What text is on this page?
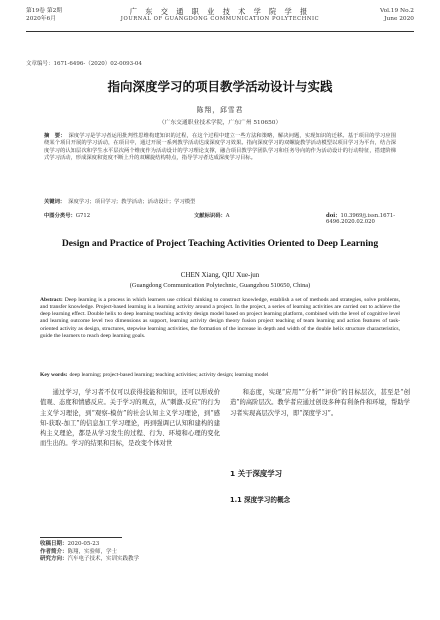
第19卷 第2期
2020年6月
广 东 交 通 职 业 技 术 学 院 学 报
JOURNAL OF GUANGDONG COMMUNICATION POLYTECHNIC
Vol.19 No.2
June 2020
文章编号：1671-6496-（2020）02-0093-04
指向深度学习的项目教学活动设计与实践
陈翔，邱雪君
（广东交通职业技术学院，广东广州 510650）
摘　要： 深度学习是学习者运用批判性思维构建知识的过程，在这个过程中建立一些方法和策略，解决问题，实现知识的迁移。基于项目的学习应围绕某个项目开展的学习活动，在项目中，通过开展一系列教学活动达成深度学习效果。指向深度学习的双螺旋教学活动模型以项目学习为平台，结合深度学习的认知层次和学生水平层次两个维度作为活动设计的学习理论支撑，融合项目教学学团队学习和任务导向的作为活动设计的行动特征，搭建阶梯式学习活动，形成深度和宽度不断上升的双螺旋结构特点，指导学习者达成深度学习目标。
关键词： 深度学习；项目学习；教学活动；活动设计；学习模型
中图分类号：G712	文献标识码：A	doi：10.3969/j.issn.1671-6496.2020.02.020
Design and Practice of Project Teaching Activities Oriented to Deep Learning
CHEN Xiang, QIU Xue-jun
(Guangdong Communication Polytechnic, Guangzhou 510650, China)
Abstract: Deep learning is a process in which learners use critical thinking to construct knowledge, establish a set of methods and strategies, solve problems, and transfer knowledge. Project-based learning is a learning activity around a project. In the project, a series of learning activities are carried out to achieve the deep learning effect. Double helix to deep learning teaching activity design model based on project learning platform, combined with the level of cognitive level and learning outcome level two dimensions as support, learning activity design theory fusion project teaching of team learning and action features of task-oriented activity as design, structures, stepwise learning activities, the formation of the increase in depth and width of the double helix structure characteristics, guide the learners to reach deep learning goals.
Key words: deep learning; project-based learning; teaching activities; activity design; learning model

通过学习，学习者不仅可以获得技能和知识，还可以形成价值观、态度和情感反应。关于学习的观点，从“刺激-反应”的行为主义学习理论，到“观察-模仿”的社会认知主义学习理论，到“感知-获取-加工”的信息加工学习理论，再到强调已认知和建构的建构主义理论，都是从学习发生的过程、行为、环境和心理的变化而生出的。学习的结果和目标，是改变个体对世

和态度，实现“应用”“分析”“评价”的目标层次，甚至是“创造”的高阶层次。教学者应通过创设多种有利条件和环境，帮助学习者实现高层次学习，即“深度学习”。

1 关于深度学习
1.1 深度学习的概念
收稿日期：2020-05-23
作者简介：陈翔，实验师，学士
研究方向：汽车电子技术，实训实践教学
